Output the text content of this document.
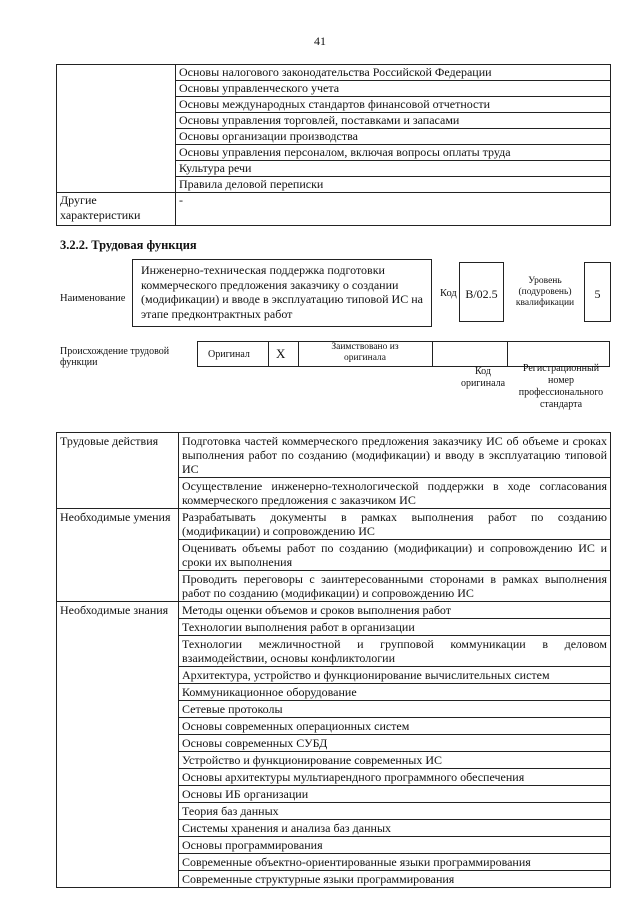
41
	Основы налогового законодательства Российской Федерации
	Основы управленческого учета
	Основы международных стандартов финансовой отчетности
	Основы управления торговлей, поставками и запасами
	Основы организации производства
	Основы управления персоналом, включая вопросы оплаты труда
	Культура речи
	Правила деловой переписки
Другие характеристики	-
3.2.2. Трудовая функция
Наименование
Инженерно-техническая поддержка подготовки коммерческого предложения заказчику о создании (модификации) и вводе в эксплуатацию типовой ИС на этапе предконтрактных работ
Код B/02.5
Уровень (подуровень) квалификации
5
Происхождение трудовой функции
Оригинал X	Заимствовано из оригинала
Код оригинала
Регистрационный номер профессионального стандарта
Трудовые действия	Подготовка частей коммерческого предложения заказчику ИС об объеме и сроках выполнения работ по созданию (модификации) и вводу в эксплуатацию типовой ИС
	Осуществление инженерно-технологической поддержки в ходе согласования коммерческого предложения с заказчиком ИС
Необходимые умения	Разрабатывать документы в рамках выполнения работ по созданию (модификации) и сопровождению ИС
	Оценивать объемы работ по созданию (модификации) и сопровождению ИС и сроки их выполнения
	Проводить переговоры с заинтересованными сторонами в рамках выполнения работ по созданию (модификации) и сопровождению ИС
Необходимые знания	Методы оценки объемов и сроков выполнения работ
	Технологии выполнения работ в организации
	Технологии межличностной и групповой коммуникации в деловом взаимодействии, основы конфликтологии
	Архитектура, устройство и функционирование вычислительных систем
	Коммуникационное оборудование
	Сетевые протоколы
	Основы современных операционных систем
	Основы современных СУБД
	Устройство и функционирование современных ИС
	Основы архитектуры мультиарендного программного обеспечения
	Основы ИБ организации
	Теория баз данных
	Системы хранения и анализа баз данных
	Основы программирования
	Современные объектно-ориентированные языки программирования
	Современные структурные языки программирования
